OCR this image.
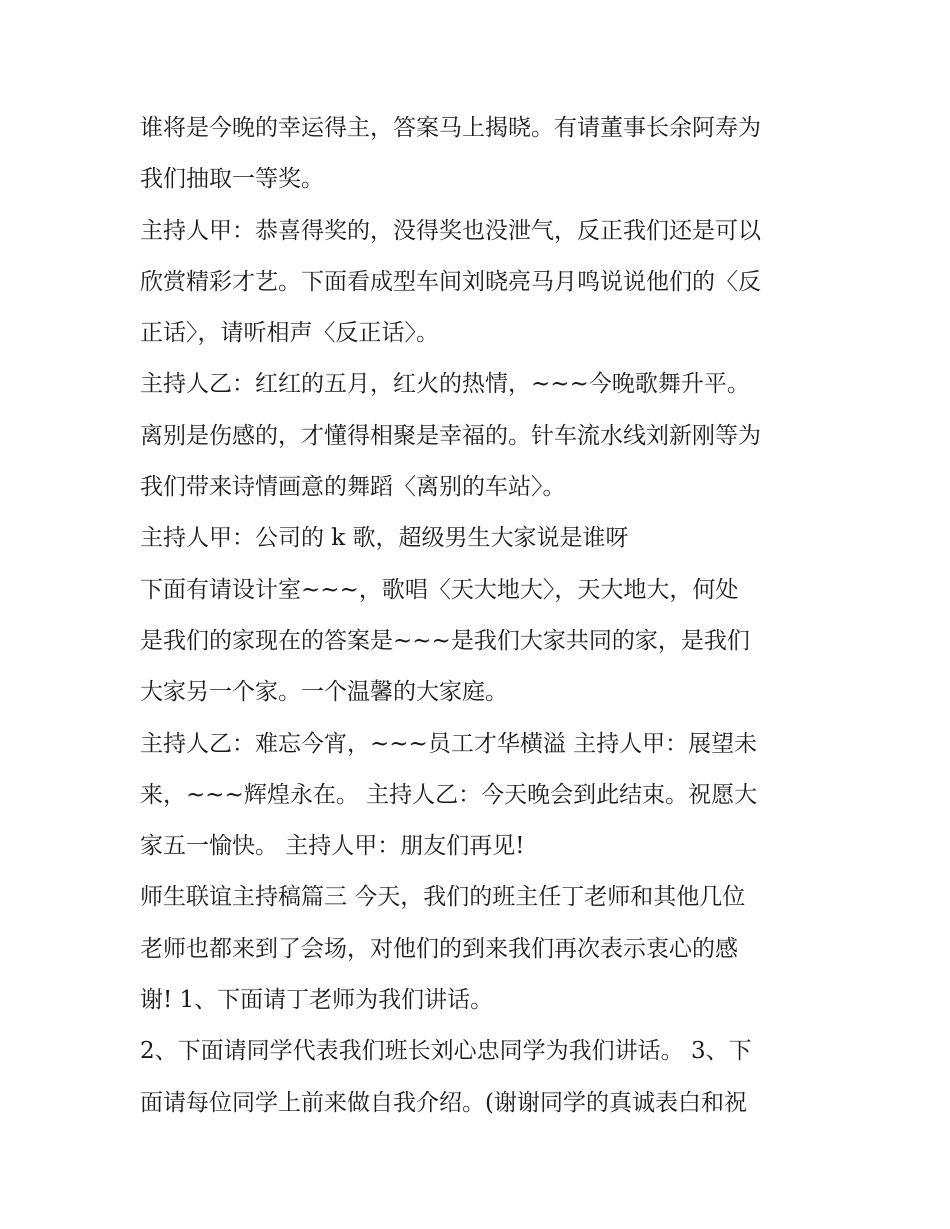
谁将是今晚的幸运得主，答案马上揭晓。有请董事长余阿寿为
我们抽取一等奖。
主持人甲：恭喜得奖的，没得奖也没泄气，反正我们还是可以
欣赏精彩才艺。下面看成型车间刘晓亮马月鸣说说他们的〈反
正话〉，请听相声〈反正话〉。
主持人乙：红红的五月，红火的热情，~~~今晚歌舞升平。
离别是伤感的，才懂得相聚是幸福的。针车流水线刘新刚等为
我们带来诗情画意的舞蹈〈离别的车站〉。
主持人甲：公司的 k 歌，超级男生大家说是谁呀
下面有请设计室~~~，歌唱〈天大地大〉，天大地大，何处
是我们的家现在的答案是~~~是我们大家共同的家，是我们
大家另一个家。一个温馨的大家庭。
主持人乙：难忘今宵，~~~员工才华横溢 主持人甲：展望未
来，~~~辉煌永在。 主持人乙：今天晚会到此结束。祝愿大
家五一愉快。 主持人甲：朋友们再见!
师生联谊主持稿篇三 今天，我们的班主任丁老师和其他几位
老师也都来到了会场，对他们的到来我们再次表示衷心的感
谢! 1、下面请丁老师为我们讲话。
2、下面请同学代表我们班长刘心忠同学为我们讲话。 3、下
面请每位同学上前来做自我介绍。(谢谢同学的真诚表白和祝
